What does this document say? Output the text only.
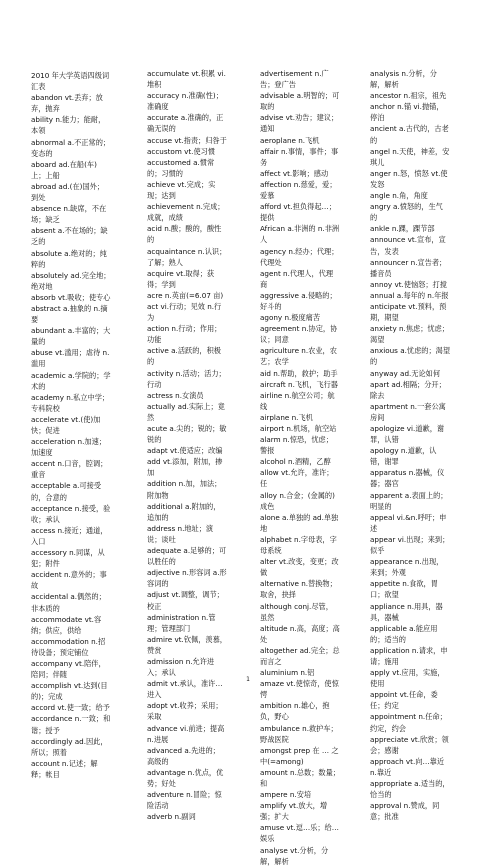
2010 年大学英语四级词汇表
abandon vt.丢弃；放弃，抛弃
ability n.能力；能耐，本领
abnormal a.不正常的；变态的
aboard ad.在船(车)上；上船
abroad ad.(在)国外；到处
absence n.缺席，不在场；缺乏
absent a.不在场的；缺乏的
absolute a.绝对的；纯粹的
absolutely ad.完全地；绝对地
absorb vt.吸收；使专心
abstract a.抽象的 n.摘要
abundant a.丰富的；大量的
abuse vt.滥用；虐待 n.滥用
academic a.学院的；学术的
academy n.私立中学；专科院校
accelerate vt.(使)加快；促进
acceleration n.加速；加速度
accent n.口音，腔调；重音
acceptable a.可接受的，合意的
acceptance n.接受，验收；承认
access n.接近；通道，入口
accessory n.同谋，从犯；附件
accident n.意外的；事故
accidental a.偶然的；非本质的
accommodate vt.容纳；供应，供给
accommodation n.招待设备；预定铺位
accompany vt.陪伴，陪同；伴随
accomplish vt.达到(目的)；完成
accord vt.使一致；给予
accordance n.一致；和谐；授予
accordingly ad.因此，所以；照着
account n.记述；解释；帐目
accumulate vt.积累 vi.堆积
accuracy n.准确(性)；准确度
accurate a.准确的，正确无误的
accuse vt.指责；归咎于
accustom vt.使习惯
accustomed a.惯常的；习惯的
achieve vt.完成；实现；达到
achievement n.完成；成就，成绩
acid n.酸；酸的，酸性的
acquaintance n.认识；了解；熟人
acquire vt.取得；获得；学到
acre n.英亩(=6.07 亩)
act vi.行动；见效 n.行为
action n.行动；作用；功能
active a.活跃的，积极的
activity n.活动；活力；行动
actress n.女演员
actually ad.实际上；竟然
acute a.尖的；锐的；敏锐的
adapt vt.使适应；改编
add vt.添加，附加，掺加
addition n.加，加法；附加物
additional a.附加的，追加的
address n.地址；演说；谈吐
adequate a.足够的；可以胜任的
adjective n.形容词 a.形容词的
adjust vt.调整，调节；校正
administration n.管理；管理部门
admire vt.钦佩，羡慕，赞赏
admission n.允许进入；承认
admit vt.承认，准许…进入
adopt vt.收养；采用；采取
advance vi.前进；提高 n.进展
advanced a.先进的；高级的
advantage n.优点，优势；好处
adventure n.冒险；惊险活动
adverb n.副词
advertisement n.广告；登广告
advisable a.明智的；可取的
advise vt.劝告；建议；通知
aeroplane n.飞机
affair n.事情，事件；事务
affect vt.影响；感动
affection n.慈爱，爱；爱慕
afford vt.担负得起…；提供
African a.非洲的 n.非洲人
agency n.经办；代理；代理处
agent n.代理人，代理商
aggressive a.侵略的；好斗的
agony n.极度痛苦
agreement n.协定，协议；同意
agriculture n.农业，农艺；农学
aid n.帮助，救护；助手
aircraft n.飞机，飞行器
airline n.航空公司；航线
airplane n.飞机
airport n.机场，航空站
alarm n.惊恐，忧虑；警报
alcohol n.酒精，乙醇
allow vt.允许，准许；任
alloy n.合金；(金属的)成色
alone a.单独的 ad.单独地
alphabet n.字母表，字母系统
alter vt.改变，变更；改做
alternative n.替换物；取舍，抉择
although conj.尽管，虽然
altitude n.高，高度；高处
altogether ad.完全；总而言之
aluminium n.铝
amaze vt.使惊奇，使惊愕
ambition n.雄心，抱负，野心
ambulance n.救护车；野战医院
amongst prep 在 … 之 中(=among)
amount n.总数；数量；和
ampere n.安培
amplify vt.放大，增强；扩大
amuse vt.逗…乐；给…娱乐
analyse vt.分析，分解，解析
analysis n.分析，分解，解析
ancestor n.祖宗，祖先
anchor n.锚 vi.抛锚，停泊
ancient a.古代的，古老的
angel n.天使，神差，安琪儿
anger n.怒，愤怒 vt.使发怒
angle n.角，角度
angry a.愤怒的，生气的
ankle n.踝，踝节部
announce vt.宣布，宣告，发表
announcer n.宣告者；播音员
annoy vt.使恼怒；打搅
annual a.每年的 n.年报
anticipate vt.预料，预期，期望
anxiety n.焦虑；忧虑；渴望
anxious a.忧虑的；渴望的
anyway ad.无论如何
apart ad.相隔；分开；除去
apartment n.一套公寓房间
apologize vi.道歉，谢罪，认错
apology n.道歉，认错，谢罪
apparatus n.器械，仪器；器官
apparent a.表面上的；明显的
appeal vi.&n.呼吁；申述
appear vi.出现；来到；似乎
appearance n.出现，来到；外观
appetite n.食欲，胃口；欲望
appliance n.用具，器具，器械
applicable a.能应用的；适当的
application n.请求，申请；施用
apply vt.应用，实施，使用
appoint vt.任命，委任；约定
appointment n.任命；约定，约会
appreciate vt.欣赏；领会；感谢
approach vt.向…靠近 n.靠近
appropriate a.适当的，恰当的
approval n.赞成，同意；批准
1
